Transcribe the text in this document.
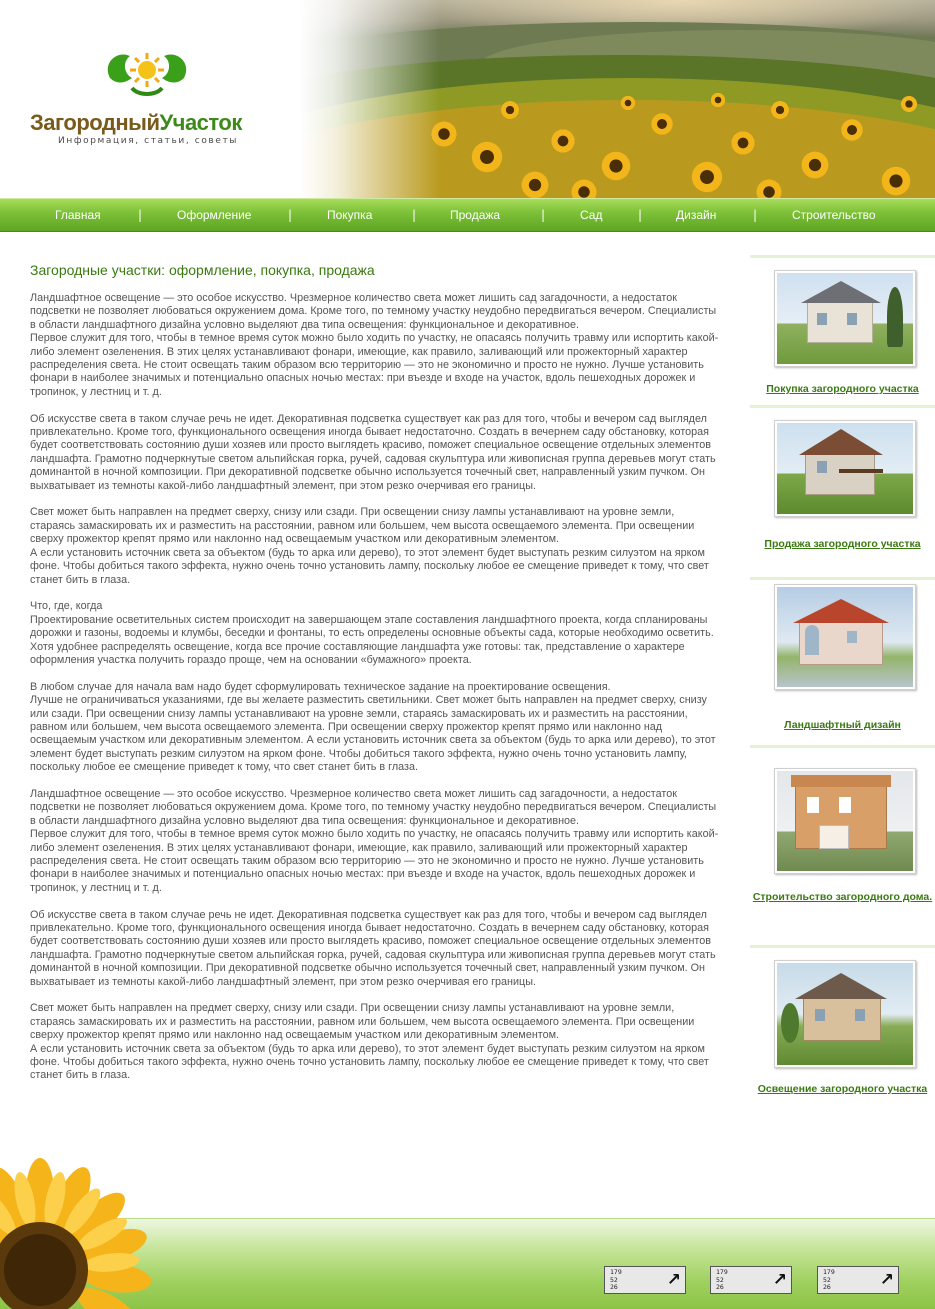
ЗагородныйУчасток
Информация, статьи, советы
Главная	|	Оформление	|	Покупка	|	Продажа	|	Сад	|	Дизайн	|	Строительство
Загородные участки: оформление, покупка, продажа

Ландшафтное освещение — это особое искусство. Чрезмерное количество света может лишить сад загадочности, а недостаток подсветки не позволяет любоваться окружением дома. Кроме того, по темному участку неудобно передвигаться вечером. Специалисты в области ландшафтного дизайна условно выделяют два типа освещения: функциональное и декоративное.
Первое служит для того, чтобы в темное время суток можно было ходить по участку, не опасаясь получить травму или испортить какой-либо элемент озеленения. В этих целях устанавливают фонари, имеющие, как правило, заливающий или прожекторный характер распределения света. Не стоит освещать таким образом всю территорию — это не экономично и просто не нужно. Лучше установить фонари в наиболее значимых и потенциально опасных ночью местах: при въезде и входе на участок, вдоль пешеходных дорожек и тропинок, у лестниц и т. д.

Об искусстве света в таком случае речь не идет. Декоративная подсветка существует как раз для того, чтобы и вечером сад выглядел привлекательно. Кроме того, функционального освещения иногда бывает недостаточно. Создать в вечернем саду обстановку, которая будет соответствовать состоянию души хозяев или просто выглядеть красиво, поможет специальное освещение отдельных элементов ландшафта. Грамотно подчеркнутые светом альпийская горка, ручей, садовая скульптура или живописная группа деревьев могут стать доминантой в ночной композиции. При декоративной подсветке обычно используется точечный свет, направленный узким пучком. Он выхватывает из темноты какой-либо ландшафтный элемент, при этом резко очерчивая его границы.

Свет может быть направлен на предмет сверху, снизу или сзади. При освещении снизу лампы устанавливают на уровне земли, стараясь замаскировать их и разместить на расстоянии, равном или большем, чем высота освещаемого элемента. При освещении сверху прожектор крепят прямо или наклонно над освещаемым участком или декоративным элементом.
А если установить источник света за объектом (будь то арка или дерево), то этот элемент будет выступать резким силуэтом на ярком фоне. Чтобы добиться такого эффекта, нужно очень точно установить лампу, поскольку любое ее смещение приведет к тому, что свет станет бить в глаза.

Что, где, когда
Проектирование осветительных систем происходит на завершающем этапе составления ландшафтного проекта, когда спланированы дорожки и газоны, водоемы и клумбы, беседки и фонтаны, то есть определены основные объекты сада, которые необходимо осветить. Хотя удобнее распределять освещение, когда все прочие составляющие ландшафта уже готовы: так, представление о характере оформления участка получить гораздо проще, чем на основании «бумажного» проекта.

В любом случае для начала вам надо будет сформулировать техническое задание на проектирование освещения.
Лучше не ограничиваться указаниями, где вы желаете разместить светильники. Свет может быть направлен на предмет сверху, снизу или сзади. При освещении снизу лампы устанавливают на уровне земли, стараясь замаскировать их и разместить на расстоянии, равном или большем, чем высота освещаемого элемента. При освещении сверху прожектор крепят прямо или наклонно над освещаемым участком или декоративным элементом. А если установить источник света за объектом (будь то арка или дерево), то этот элемент будет выступать резким силуэтом на ярком фоне. Чтобы добиться такого эффекта, нужно очень точно установить лампу, поскольку любое ее смещение приведет к тому, что свет станет бить в глаза.

Ландшафтное освещение — это особое искусство. Чрезмерное количество света может лишить сад загадочности, а недостаток подсветки не позволяет любоваться окружением дома. Кроме того, по темному участку неудобно передвигаться вечером. Специалисты в области ландшафтного дизайна условно выделяют два типа освещения: функциональное и декоративное.
Первое служит для того, чтобы в темное время суток можно было ходить по участку, не опасаясь получить травму или испортить какой-либо элемент озеленения. В этих целях устанавливают фонари, имеющие, как правило, заливающий или прожекторный характер распределения света. Не стоит освещать таким образом всю территорию — это не экономично и просто не нужно. Лучше установить фонари в наиболее значимых и потенциально опасных ночью местах: при въезде и входе на участок, вдоль пешеходных дорожек и тропинок, у лестниц и т. д.

Об искусстве света в таком случае речь не идет. Декоративная подсветка существует как раз для того, чтобы и вечером сад выглядел привлекательно. Кроме того, функционального освещения иногда бывает недостаточно. Создать в вечернем саду обстановку, которая будет соответствовать состоянию души хозяев или просто выглядеть красиво, поможет специальное освещение отдельных элементов ландшафта. Грамотно подчеркнутые светом альпийская горка, ручей, садовая скульптура или живописная группа деревьев могут стать доминантой в ночной композиции. При декоративной подсветке обычно используется точечный свет, направленный узким пучком. Он выхватывает из темноты какой-либо ландшафтный элемент, при этом резко очерчивая его границы.

Свет может быть направлен на предмет сверху, снизу или сзади. При освещении снизу лампы устанавливают на уровне земли, стараясь замаскировать их и разместить на расстоянии, равном или большем, чем высота освещаемого элемента. При освещении сверху прожектор крепят прямо или наклонно над освещаемым участком или декоративным элементом.
А если установить источник света за объектом (будь то арка или дерево), то этот элемент будет выступать резким силуэтом на ярком фоне. Чтобы добиться такого эффекта, нужно очень точно установить лампу, поскольку любое ее смещение приведет к тому, что свет станет бить в глаза.

Покупка загородного участка
Продажа загородного участка
Ландшафтный дизайн
Строительство загородного дома.
Освещение загородного участка
179
52
26	↗	179
52
26	↗	179
52
26	↗
